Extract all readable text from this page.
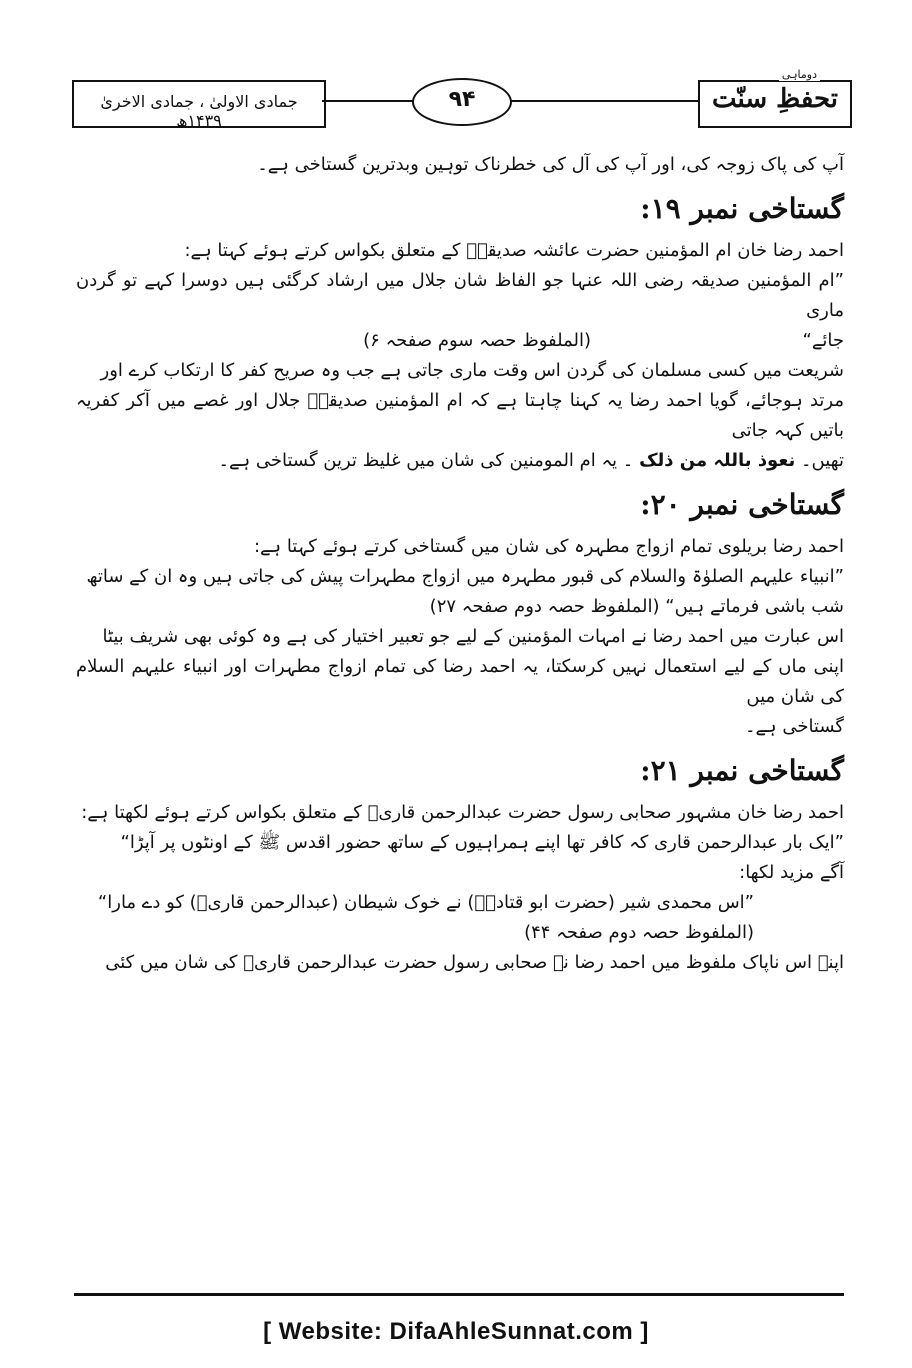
جمادی الاولیٰ ، جمادی الاخریٰ ۱۴۳۹ھ
۹۴
دوماہی
تحفظِ سنّت

آپ کی پاک زوجہ کی، اور آپ کی آل کی خطرناک توہین وبدترین گستاخی ہے۔

گستاخی نمبر ۱۹:

احمد رضا خان ام المؤمنین حضرت عائشہ صدیقہؓ کے متعلق بکواس کرتے ہوئے کہتا ہے:

”ام المؤمنین صدیقہ رضی اللہ عنہا جو الفاظ شان جلال میں ارشاد کرگئی ہیں دوسرا کہے تو گردن ماری

جائے“  (الملفوظ حصہ سوم صفحہ ۶)

شریعت میں کسی مسلمان کی گردن اس وقت ماری جاتی ہے جب وہ صریح کفر کا ارتکاب کرے اور

مرتد ہوجائے، گویا احمد رضا یہ کہنا چاہتا ہے کہ ام المؤمنین صدیقہؓ جلال اور غصے میں آکر کفریہ باتیں کہہ جاتی

تھیں۔ نعوذ باللہ من ذلک ۔ یہ ام المومنین کی شان میں غلیظ ترین گستاخی ہے۔

گستاخی نمبر ۲۰:

احمد رضا بریلوی تمام ازواج مطہرہ کی شان میں گستاخی کرتے ہوئے کہتا ہے:

”انبیاء علیہم الصلوٰۃ والسلام کی قبور مطہرہ میں ازواج مطہرات پیش کی جاتی ہیں وہ ان کے ساتھ

شب باشی فرماتے ہیں“ (الملفوظ حصہ دوم صفحہ ۲۷)

اس عبارت میں احمد رضا نے امہات المؤمنین کے لیے جو تعبیر اختیار کی ہے وہ کوئی بھی شریف بیٹا

اپنی ماں کے لیے استعمال نہیں کرسکتا، یہ احمد رضا کی تمام ازواج مطہرات اور انبیاء علیہم السلام کی شان میں

گستاخی ہے۔

گستاخی نمبر ۲۱:

احمد رضا خان مشہور صحابی رسول حضرت عبدالرحمن قاریؓ کے متعلق بکواس کرتے ہوئے لکھتا ہے:

”ایک بار عبدالرحمن قاری کہ کافر تھا اپنے ہمراہیوں کے ساتھ حضور اقدس ﷺ کے اونٹوں پر آپڑا“

آگے مزید لکھا:

”اس محمدی شیر (حضرت ابو قتادہؓ) نے خوک شیطان (عبدالرحمن قاریؓ) کو دے مارا“

(الملفوظ حصہ دوم صفحہ ۴۴)

اپنے اس ناپاک ملفوظ میں احمد رضا نے صحابی رسول حضرت عبدالرحمن قاریؓ کی شان میں کئی

[ Website: DifaAhleSunnat.com ]
